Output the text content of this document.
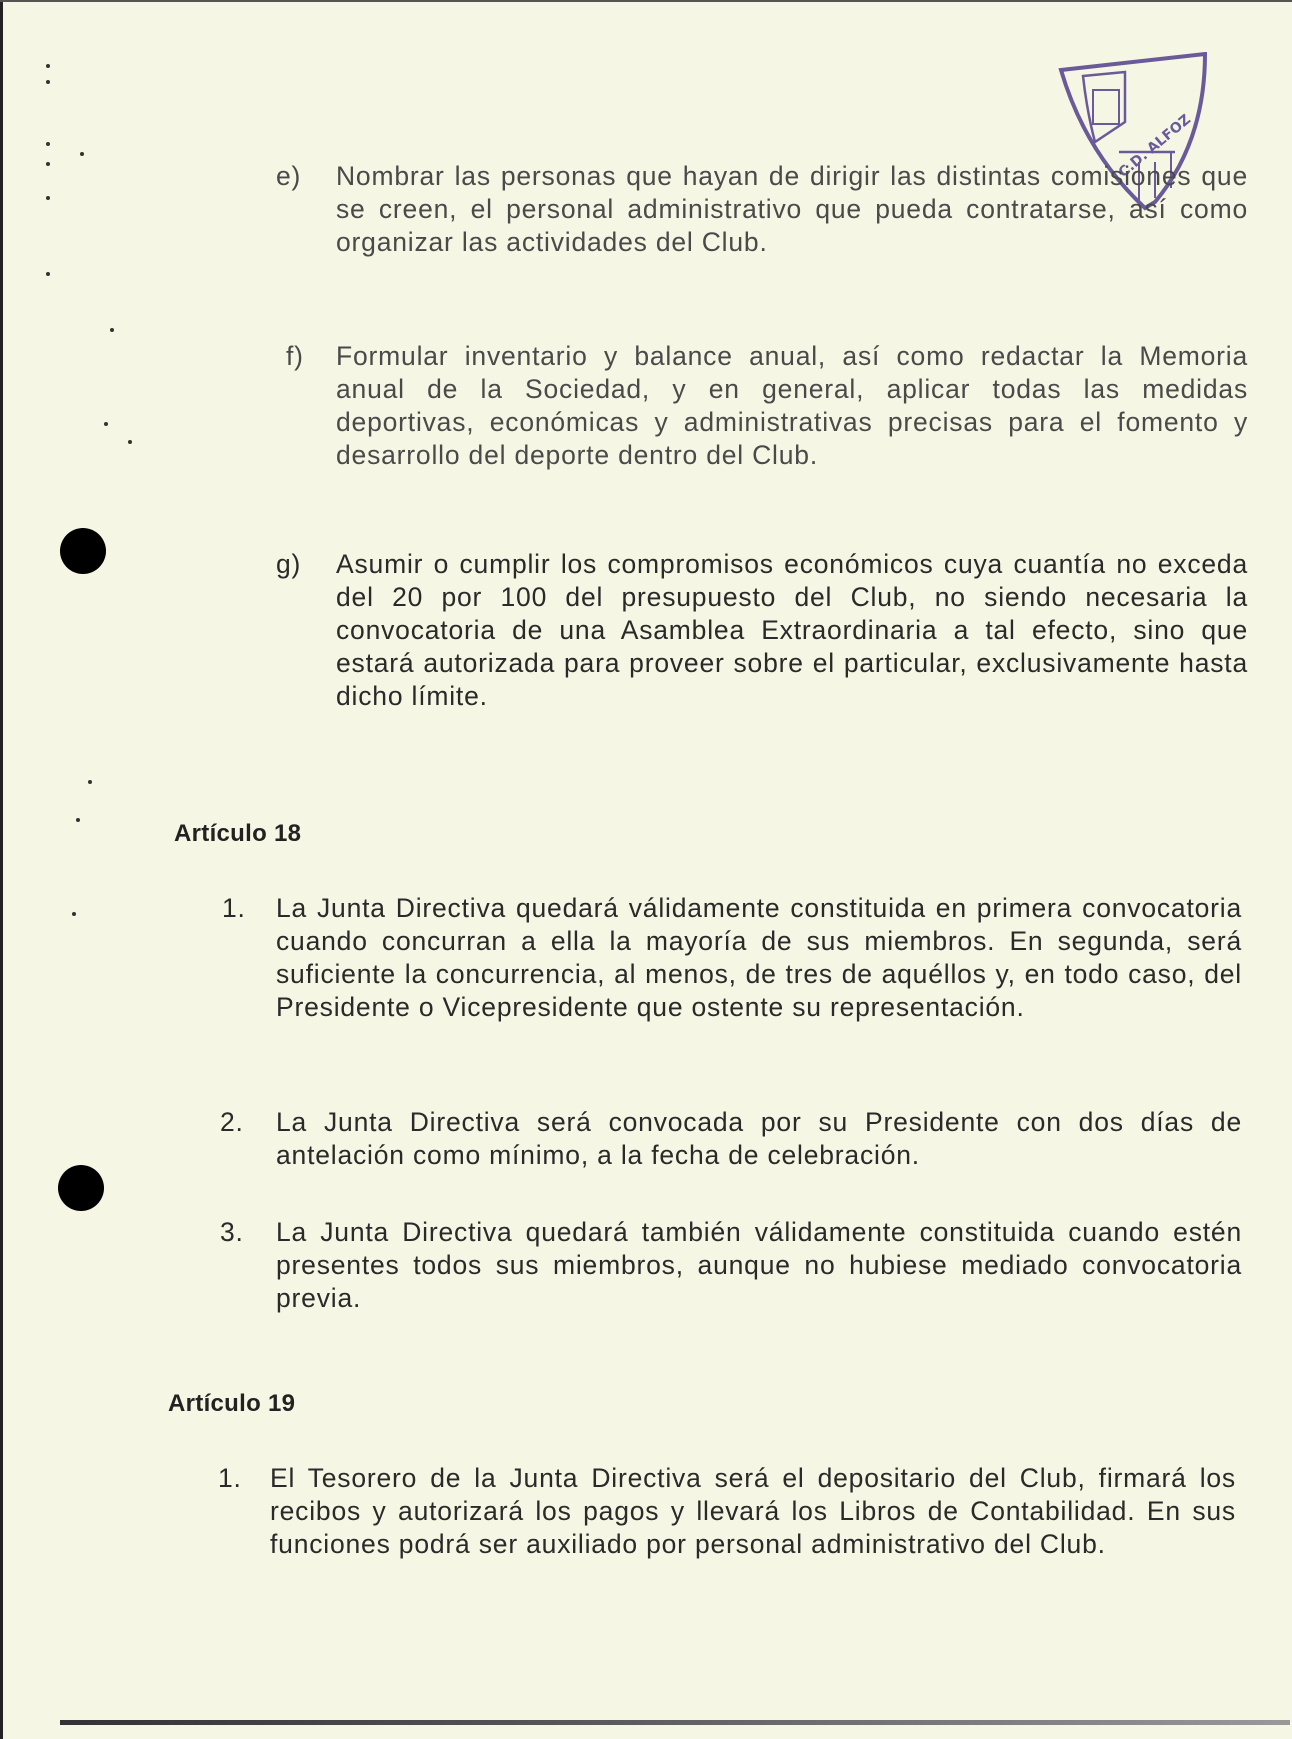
C.D. ALFOZ
e) Nombrar las personas que hayan de dirigir las distintas comisiones que se creen, el personal administrativo que pueda contratarse, así como organizar las actividades del Club.
f) Formular inventario y balance anual, así como redactar la Memoria anual de la Sociedad, y en general, aplicar todas las medidas deportivas, económicas y administrativas precisas para el fomento y desarrollo del deporte dentro del Club.
g) Asumir o cumplir los compromisos económicos cuya cuantía no exceda del 20 por 100 del presupuesto del Club, no siendo necesaria la convocatoria de una Asamblea Extraordinaria a tal efecto, sino que estará autorizada para proveer sobre el particular, exclusivamente hasta dicho límite.
Artículo 18
1. La Junta Directiva quedará válidamente constituida en primera convocatoria cuando concurran a ella la mayoría de sus miembros. En segunda, será suficiente la concurrencia, al menos, de tres de aquéllos y, en todo caso, del Presidente o Vicepresidente que ostente su representación.
2. La Junta Directiva será convocada por su Presidente con dos días de antelación como mínimo, a la fecha de celebración.
3. La Junta Directiva quedará también válidamente constituida cuando estén presentes todos sus miembros, aunque no hubiese mediado convocatoria previa.
Artículo 19
1. El Tesorero de la Junta Directiva será el depositario del Club, firmará los recibos y autorizará los pagos y llevará los Libros de Contabilidad. En sus funciones podrá ser auxiliado por personal administrativo del Club.
